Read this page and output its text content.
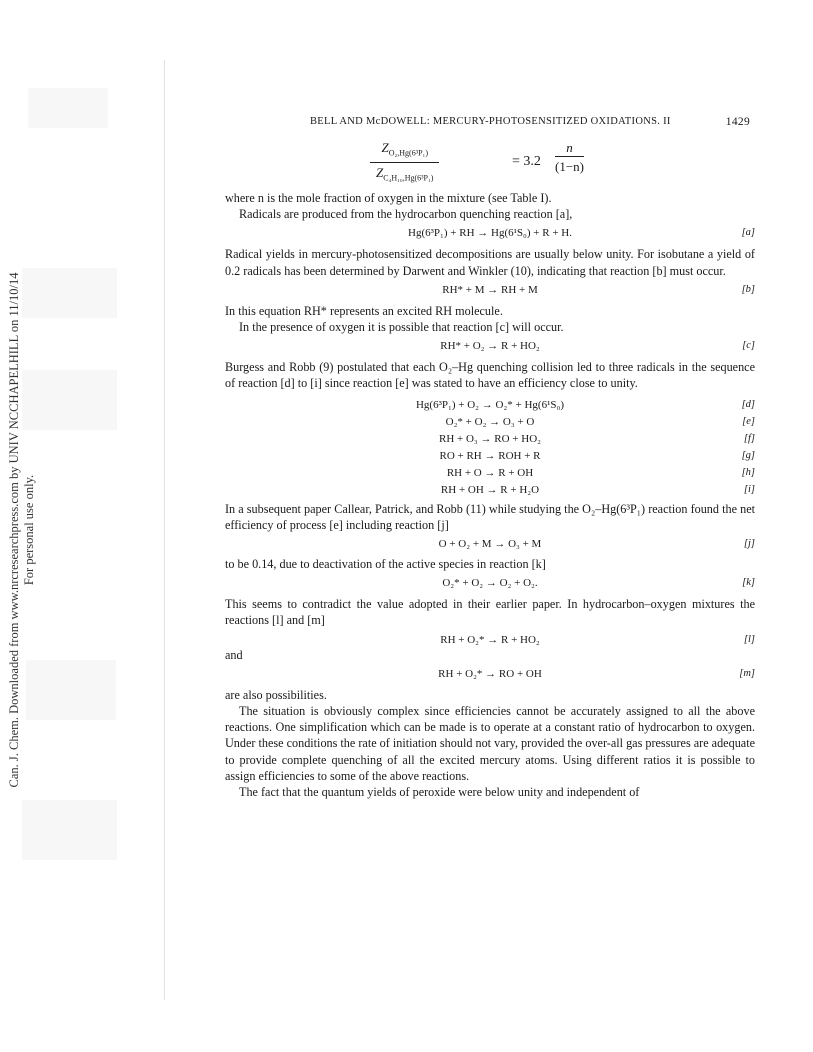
Can. J. Chem. Downloaded from www.nrcresearchpress.com by UNIV NCCHAPELHILL on 11/10/14
For personal use only.
BELL AND McDOWELL: MERCURY-PHOTOSENSITIZED OXIDATIONS. II	1429
$\frac{Z_{O_2,Hg(6^3P_1)}}{Z_{C_4H_{10},Hg(6^3P_1)}}$	= $3.2 \frac{n}{(1-n)}$

where n is the mole fraction of oxygen in the mixture (see Table I).

Radicals are produced from the hydrocarbon quenching reaction [a],

Hg(6³P₁) + RH → Hg(6¹S₀) + R + H.	[a]

Radical yields in mercury-photosensitized decompositions are usually below unity. For isobutane a yield of 0.2 radicals has been determined by Darwent and Winkler (10), indicating that reaction [b] must occur.

RH* + M → RH + M	[b]

In this equation RH* represents an excited RH molecule.

In the presence of oxygen it is possible that reaction [c] will occur.

RH* + O₂ → R + HO₂	[c]

Burgess and Robb (9) postulated that each O₂–Hg quenching collision led to three radicals in the sequence of reaction [d] to [i] since reaction [e] was stated to have an efficiency close to unity.

Hg(6³P₁) + O₂ → O₂* + Hg(6¹S₀)	[d]
O₂* + O₂ → O₃ + O	[e]
RH + O₃ → RO + HO₂	[f]
RO + RH → ROH + R	[g]
RH + O → R + OH	[h]
RH + OH → R + H₂O	[i]

In a subsequent paper Callear, Patrick, and Robb (11) while studying the O₂–Hg(6³P₁) reaction found the net efficiency of process [e] including reaction [j]

O + O₂ + M → O₃ + M	[j]

to be 0.14, due to deactivation of the active species in reaction [k]

O₂* + O₂ → O₂ + O₂.	[k]

This seems to contradict the value adopted in their earlier paper. In hydrocarbon–oxygen mixtures the reactions [l] and [m]

RH + O₂* → R + HO₂	[l]

and

RH + O₂* → RO + OH	[m]

are also possibilities.

The situation is obviously complex since efficiencies cannot be accurately assigned to all the above reactions. One simplification which can be made is to operate at a constant ratio of hydrocarbon to oxygen. Under these conditions the rate of initiation should not vary, provided the over-all gas pressures are adequate to provide complete quenching of all the excited mercury atoms. Using different ratios it is possible to assign efficiencies to some of the above reactions.

The fact that the quantum yields of peroxide were below unity and independent of
